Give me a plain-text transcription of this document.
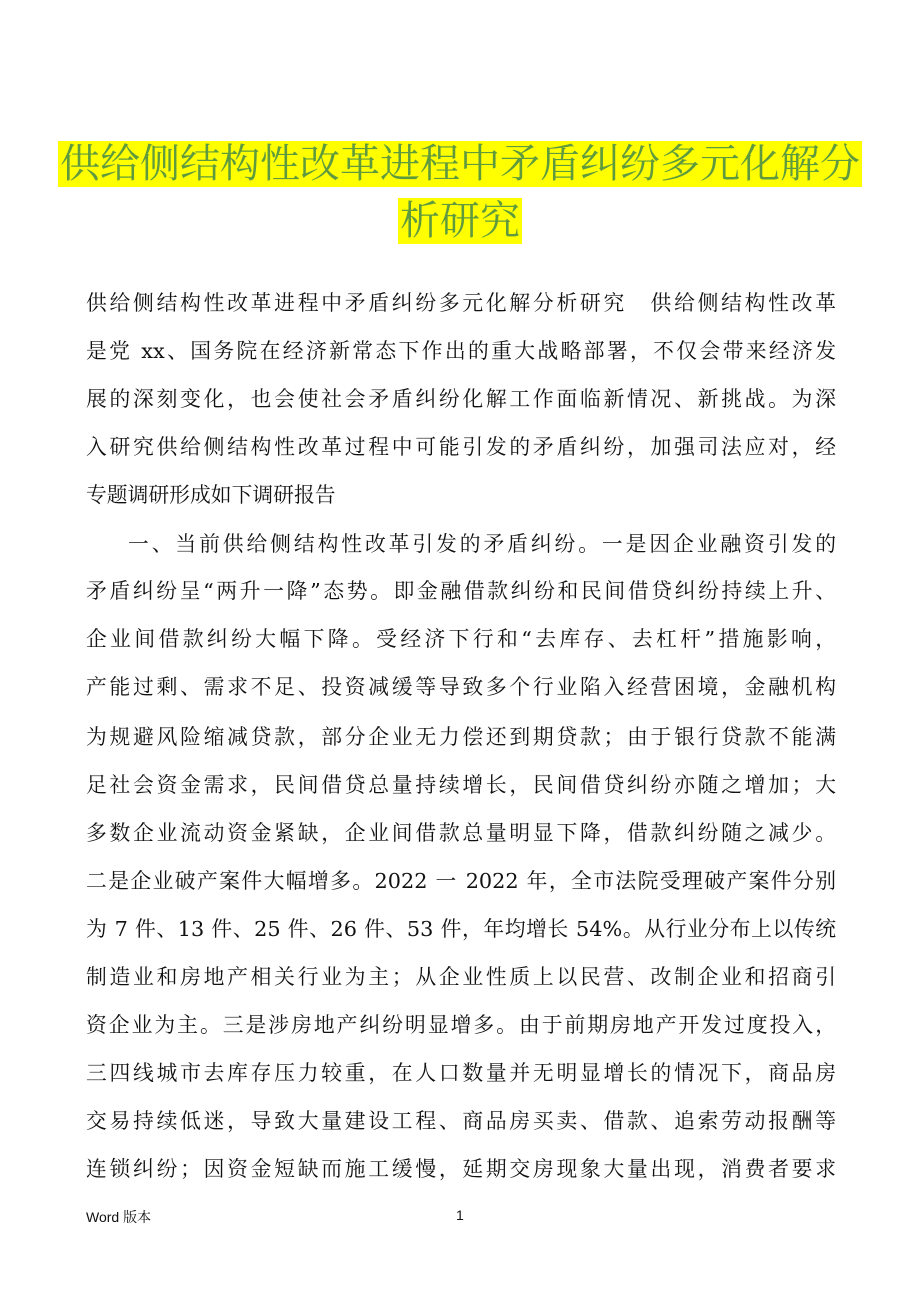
供给侧结构性改革进程中矛盾纠纷多元化解分
析研究
供给侧结构性改革进程中矛盾纠纷多元化解分析研究　供给侧结构性改革
是党 xx、国务院在经济新常态下作出的重大战略部署，不仅会带来经济发
展的深刻变化，也会使社会矛盾纠纷化解工作面临新情况、新挑战。为深
入研究供给侧结构性改革过程中可能引发的矛盾纠纷，加强司法应对，经
专题调研形成如下调研报告
一、当前供给侧结构性改革引发的矛盾纠纷。一是因企业融资引发的
矛盾纠纷呈“两升一降”态势。即金融借款纠纷和民间借贷纠纷持续上升、
企业间借款纠纷大幅下降。受经济下行和“去库存、去杠杆”措施影响，
产能过剩、需求不足、投资减缓等导致多个行业陷入经营困境，金融机构
为规避风险缩减贷款，部分企业无力偿还到期贷款；由于银行贷款不能满
足社会资金需求，民间借贷总量持续增长，民间借贷纠纷亦随之增加；大
多数企业流动资金紧缺，企业间借款总量明显下降，借款纠纷随之减少。
二是企业破产案件大幅增多。2022 一 2022 年，全市法院受理破产案件分别
为 7 件、13 件、25 件、26 件、53 件，年均增长 54%。从行业分布上以传统
制造业和房地产相关行业为主；从企业性质上以民营、改制企业和招商引
资企业为主。三是涉房地产纠纷明显增多。由于前期房地产开发过度投入，
三四线城市去库存压力较重，在人口数量并无明显增长的情况下，商品房
交易持续低迷，导致大量建设工程、商品房买卖、借款、追索劳动报酬等
连锁纠纷；因资金短缺而施工缓慢，延期交房现象大量出现，消费者要求
Word 版本	1
